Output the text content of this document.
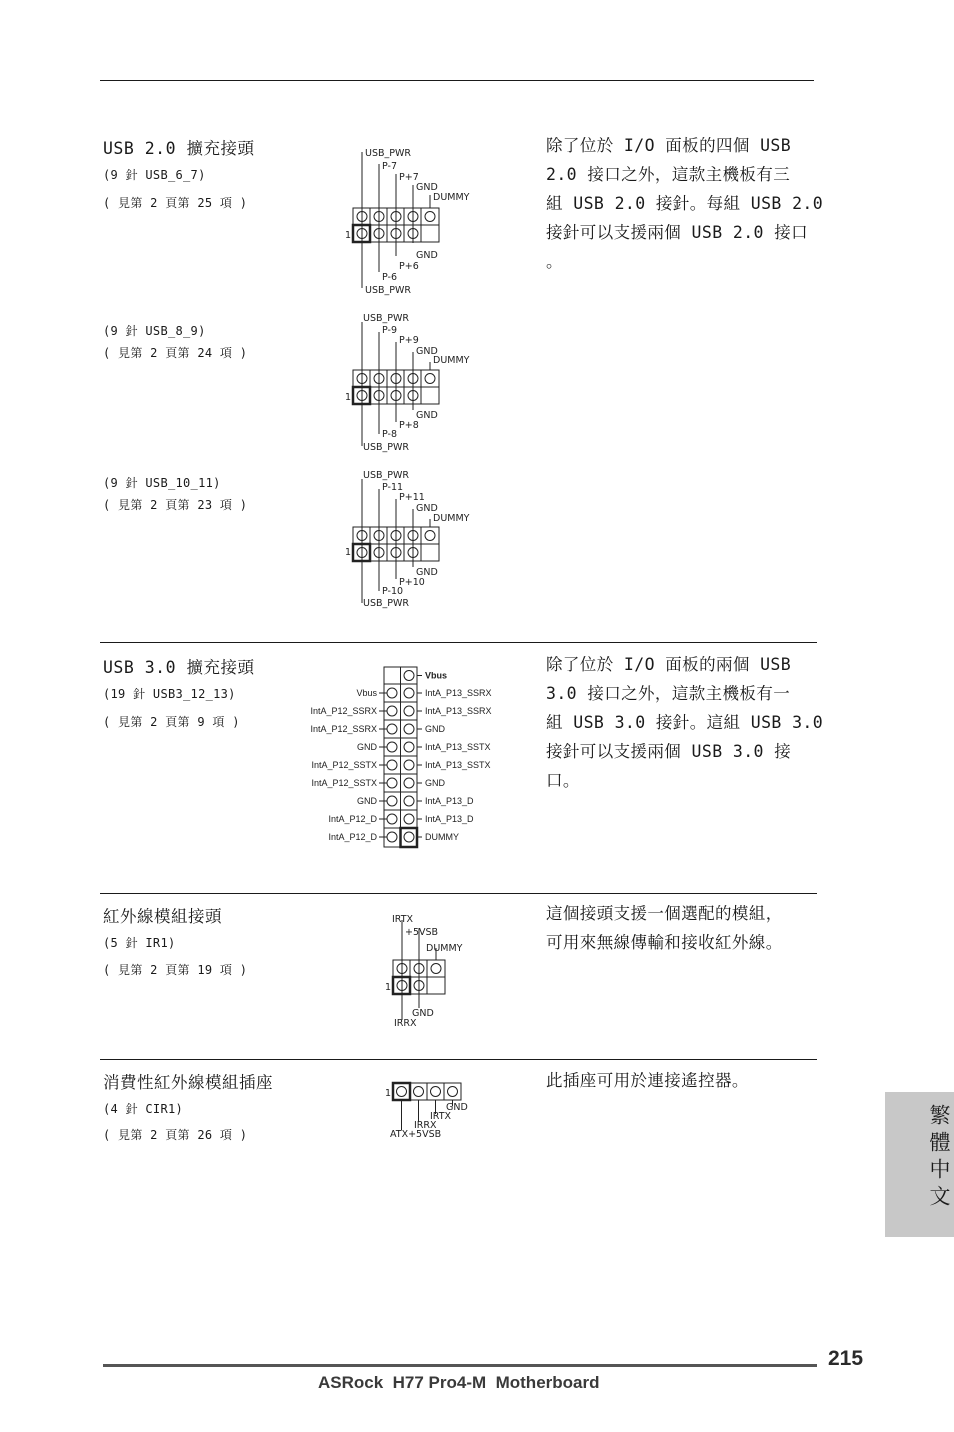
USB 2.0 擴充接頭
(9 針 USB_6_7)
( 見第 2 頁第 25 項 )
(9 針 USB_8_9)
( 見第 2 頁第 24 項 )
(9 針 USB_10_11)
( 見第 2 頁第 23 項 )
USB_PWR
P-7
P+7
GND
DUMMY
GND
P+6
P-6
USB_PWR
1
USB_PWR
P-9
P+9
GND
DUMMY
GND
P+8
P-8
USB_PWR
1
USB_PWR
P-11
P+11
GND
DUMMY
GND
P+10
P-10
USB_PWR
1
除了位於 I/O 面板的四個 USB
2.0 接口之外，這款主機板有三
組 USB 2.0 接針。每組 USB 2.0
接針可以支援兩個 USB 2.0 接口
。
USB 3.0 擴充接頭
(19 針 USB3_12_13)
( 見第 2 頁第 9 項 )
Vbus
Vbus
IntA_P12_SSRX
IntA_P12_SSRX
GND
IntA_P12_SSTX
IntA_P12_SSTX
GND
IntA_P12_D
IntA_P12_D
IntA_P13_SSRX
IntA_P13_SSRX
GND
IntA_P13_SSTX
IntA_P13_SSTX
GND
IntA_P13_D
IntA_P13_D
DUMMY
除了位於 I/O 面板的兩個 USB
3.0 接口之外，這款主機板有一
組 USB 3.0 接針。這組 USB 3.0
接針可以支援兩個 USB 3.0 接
口。
紅外線模組接頭
(5 針 IR1)
( 見第 2 頁第 19 項 )
IRTX
+5VSB
DUMMY
GND
IRRX
1
這個接頭支援一個選配的模組，
可用來無線傳輸和接收紅外線。
消費性紅外線模組插座
(4 針 CIR1)
( 見第 2 頁第 26 項 )
GND
IRTX
IRRX
ATX+5VSB
1
此插座可用於連接遙控器。
繁體中文
215
ASRock  H77 Pro4-M  Motherboard
